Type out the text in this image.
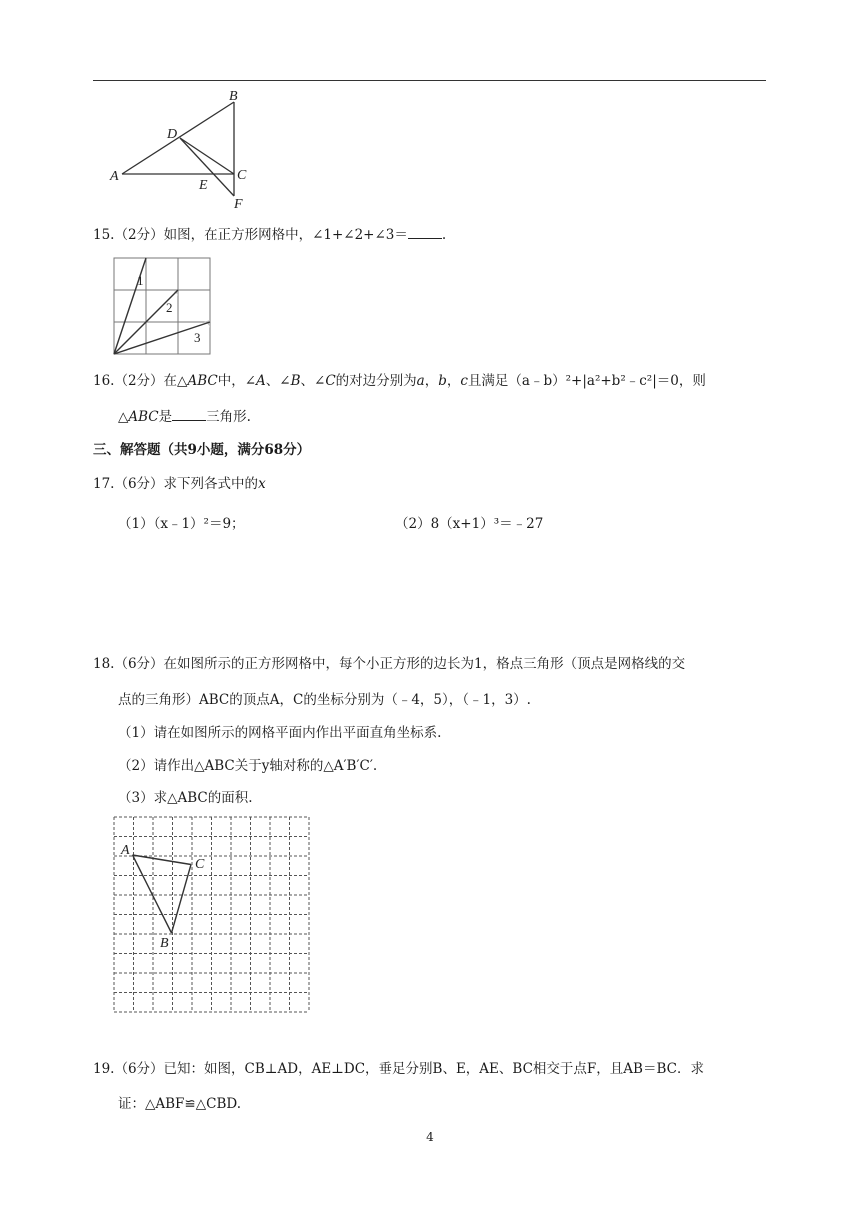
A
B
C
D
E
F
15.（2分）如图，在正方形网格中，∠1+∠2+∠3＝	.
1
2
3
16.（2分）在△ABC中，∠A、∠B、∠C的对边分别为a，b，c且满足（a﹣b）²+|a²+b²﹣c²|＝0，则
△ABC是	三角形.
三、解答题（共9小题，满分68分）
17.（6分）求下列各式中的x
（1）（x﹣1）²＝9；	（2）8（x+1）³＝﹣27
18.（6分）在如图所示的正方形网格中，每个小正方形的边长为1，格点三角形（顶点是网格线的交
点的三角形）ABC的顶点A，C的坐标分别为（﹣4，5），（﹣1，3）.
（1）请在如图所示的网格平面内作出平面直角坐标系.
（2）请作出△ABC关于y轴对称的△A′B′C′.
（3）求△ABC的面积.
A
B
C
19.（6分）已知：如图，CB⊥AD，AE⊥DC，垂足分别B、E，AE、BC相交于点F，且AB＝BC．求
证：△ABF≌△CBD.
4
